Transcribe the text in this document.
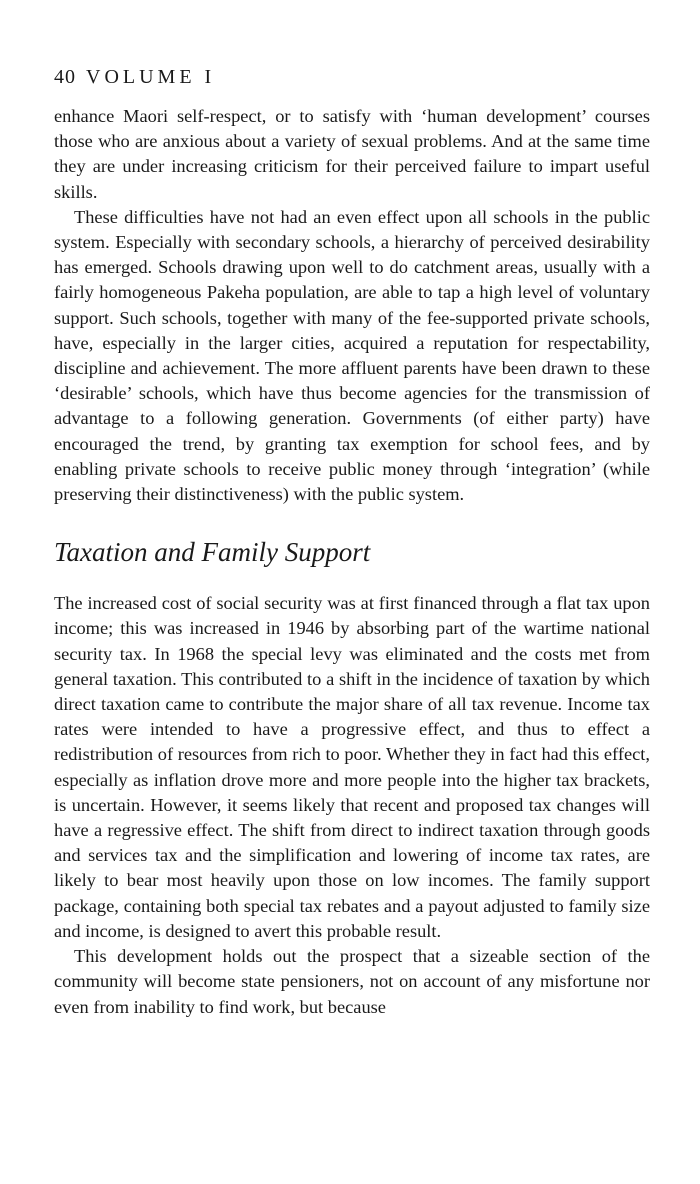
40 VOLUME I

enhance Maori self-respect, or to satisfy with ‘human development’ courses those who are anxious about a variety of sexual problems. And at the same time they are under increasing criticism for their perceived failure to impart useful skills.

These difficulties have not had an even effect upon all schools in the public system. Especially with secondary schools, a hierarchy of perceived desirability has emerged. Schools drawing upon well to do catchment areas, usually with a fairly homogeneous Pakeha population, are able to tap a high level of voluntary support. Such schools, together with many of the fee-supported private schools, have, especially in the larger cities, acquired a reputation for respectability, discipline and achievement. The more affluent parents have been drawn to these ‘desirable’ schools, which have thus become agencies for the transmission of advantage to a following generation. Governments (of either party) have encouraged the trend, by granting tax exemption for school fees, and by enabling private schools to receive public money through ‘integration’ (while preserving their distinctiveness) with the public system.

Taxation and Family Support

The increased cost of social security was at first financed through a flat tax upon income; this was increased in 1946 by absorbing part of the wartime national security tax. In 1968 the special levy was eliminated and the costs met from general taxation. This contributed to a shift in the incidence of taxation by which direct taxation came to contribute the major share of all tax revenue. Income tax rates were intended to have a progressive effect, and thus to effect a redistribution of resources from rich to poor. Whether they in fact had this effect, especially as inflation drove more and more people into the higher tax brackets, is uncertain. However, it seems likely that recent and proposed tax changes will have a regressive effect. The shift from direct to indirect taxation through goods and services tax and the simplification and lowering of income tax rates, are likely to bear most heavily upon those on low incomes. The family support package, containing both special tax rebates and a payout adjusted to family size and income, is designed to avert this probable result.

This development holds out the prospect that a sizeable section of the community will become state pensioners, not on account of any misfortune nor even from inability to find work, but because
